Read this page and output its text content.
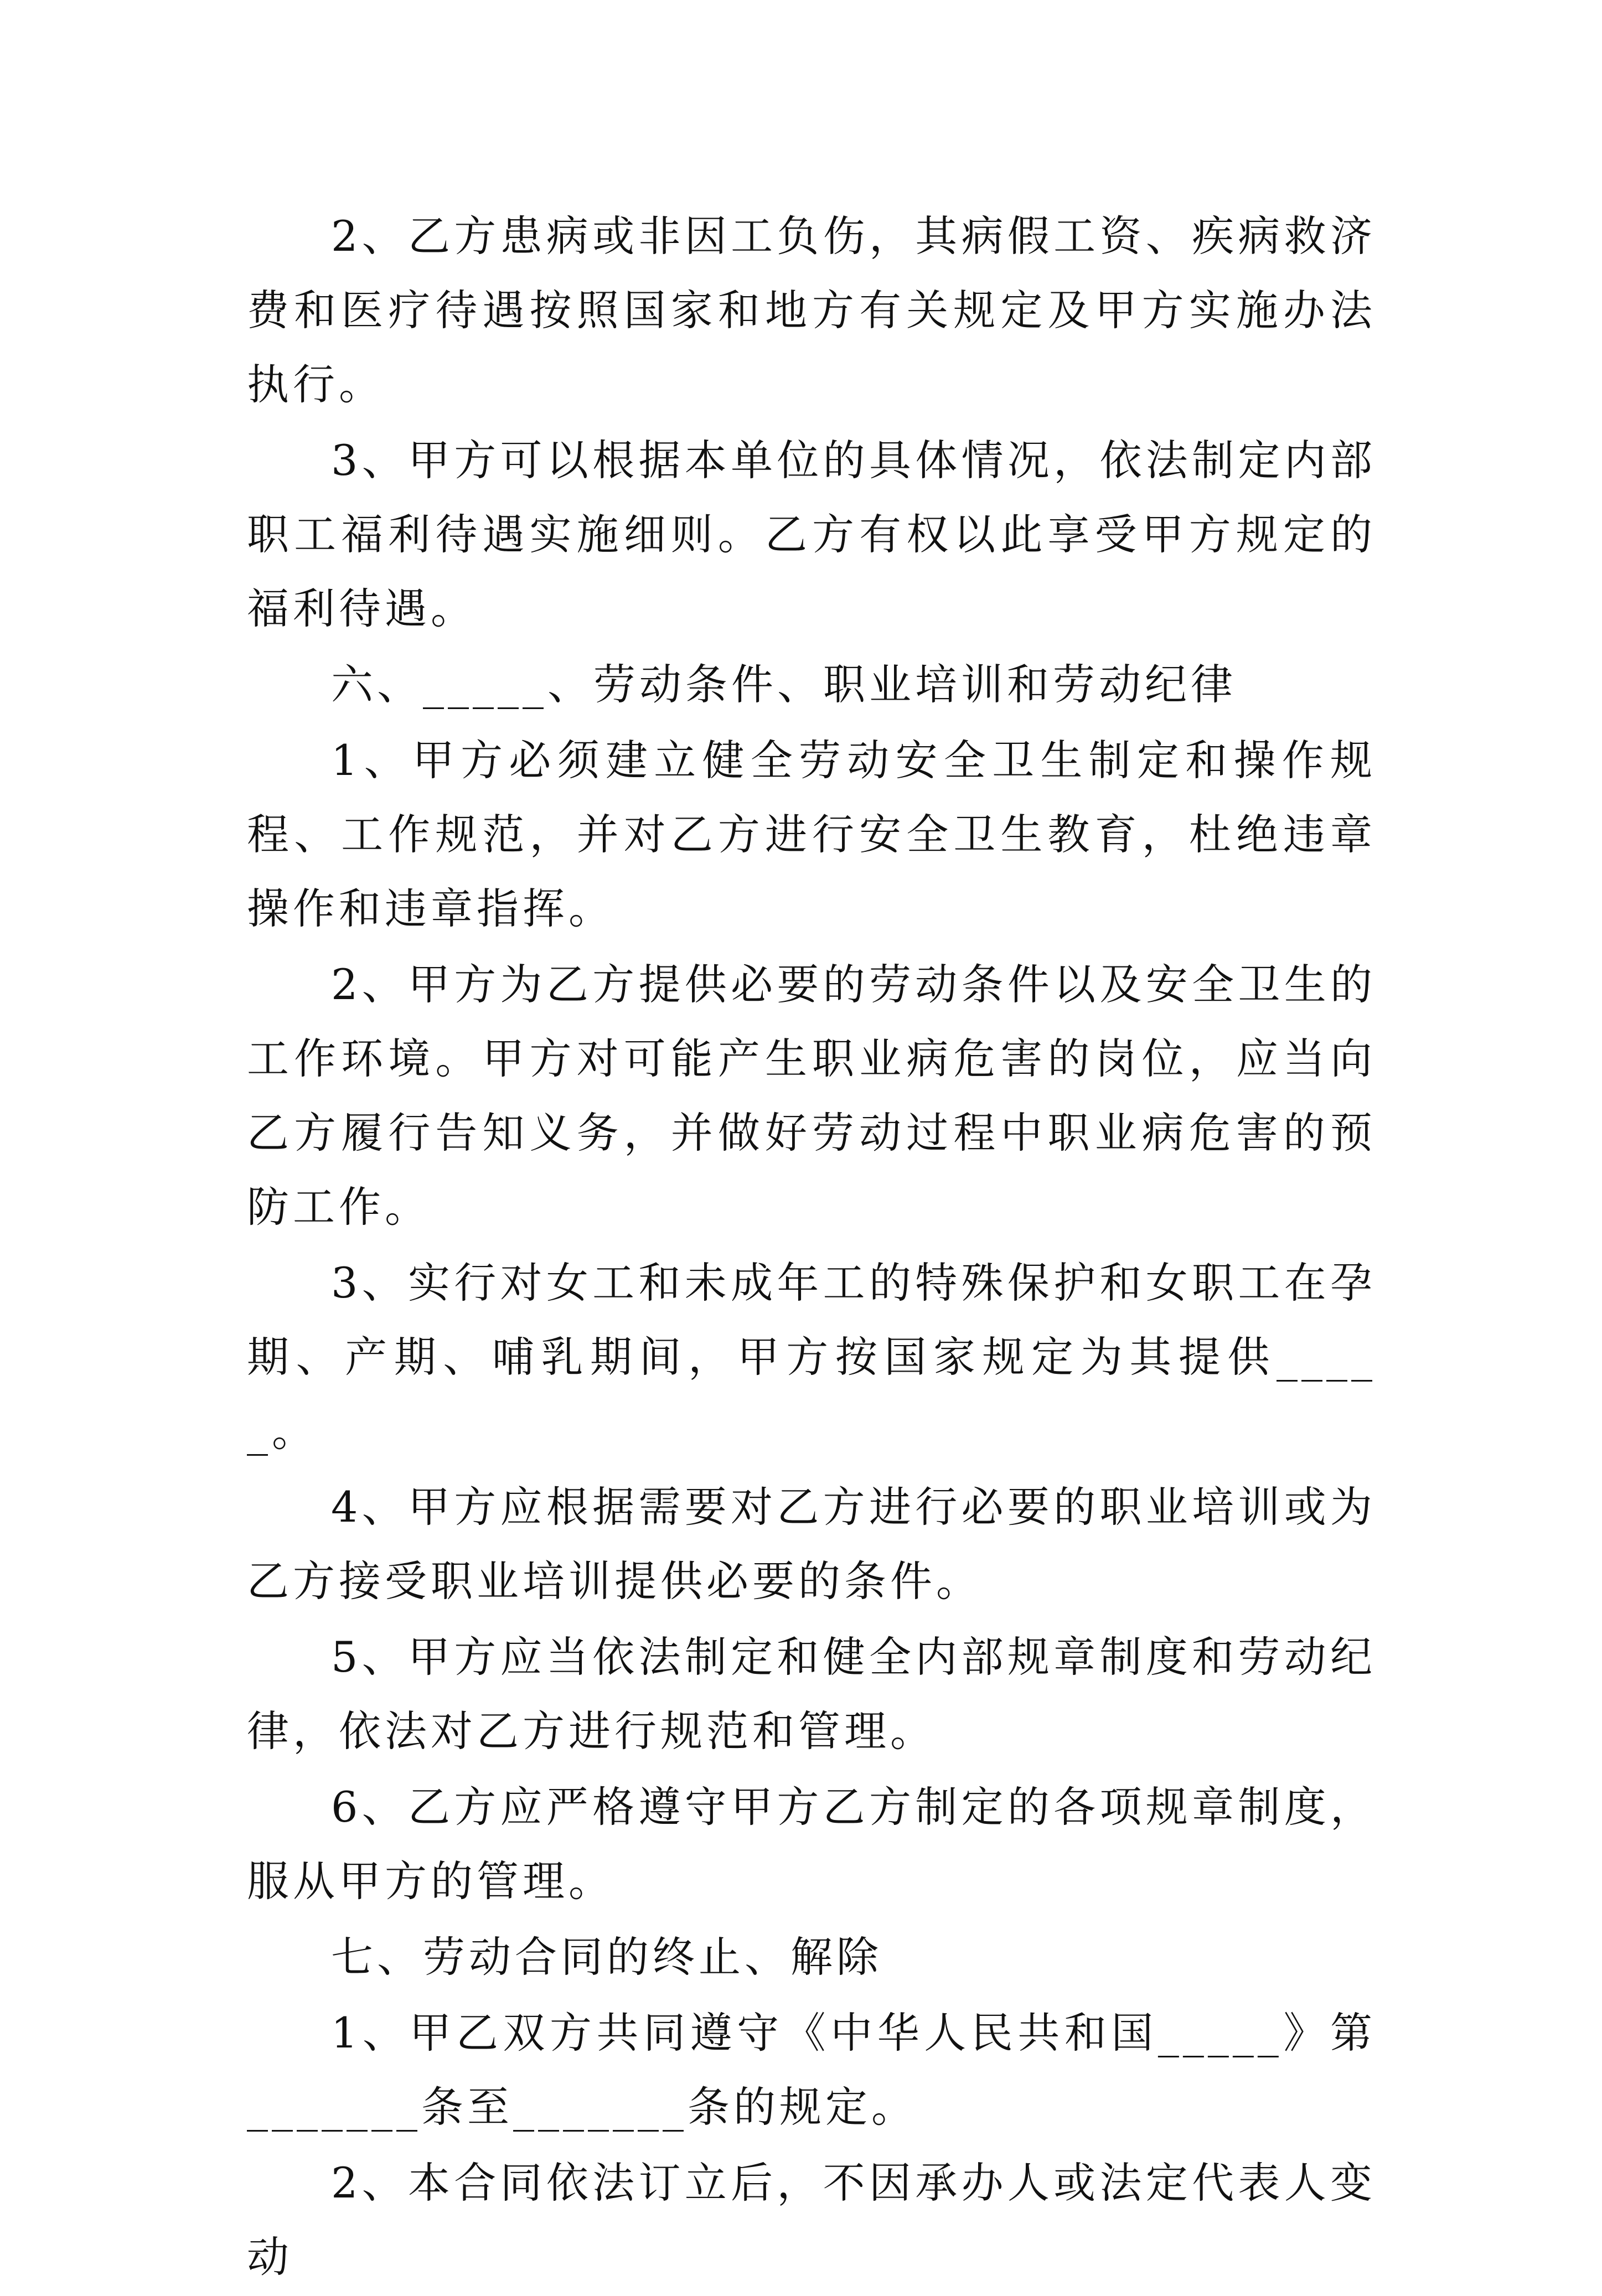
2、乙方患病或非因工负伤，其病假工资、疾病救济费和医疗待遇按照国家和地方有关规定及甲方实施办法执行。

3、甲方可以根据本单位的具体情况，依法制定内部职工福利待遇实施细则。乙方有权以此享受甲方规定的福利待遇。

六、_____、劳动条件、职业培训和劳动纪律

1、甲方必须建立健全劳动安全卫生制定和操作规程、工作规范，并对乙方进行安全卫生教育，杜绝违章操作和违章指挥。

2、甲方为乙方提供必要的劳动条件以及安全卫生的工作环境。甲方对可能产生职业病危害的岗位，应当向乙方履行告知义务，并做好劳动过程中职业病危害的预防工作。

3、实行对女工和未成年工的特殊保护和女职工在孕期、产期、哺乳期间，甲方按国家规定为其提供_____。

4、甲方应根据需要对乙方进行必要的职业培训或为乙方接受职业培训提供必要的条件。

5、甲方应当依法制定和健全内部规章制度和劳动纪律，依法对乙方进行规范和管理。

6、乙方应严格遵守甲方乙方制定的各项规章制度，服从甲方的管理。

七、劳动合同的终止、解除

1、甲乙双方共同遵守《中华人民共和国_____》第_______条至_______条的规定。

2、本合同依法订立后，不因承办人或法定代表人变动
